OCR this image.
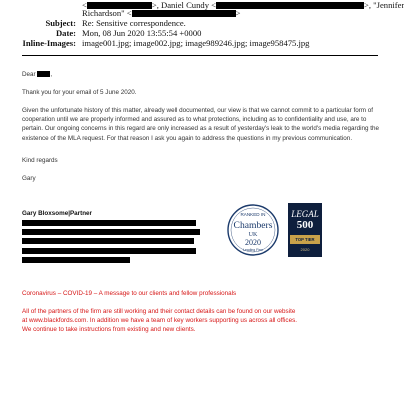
<	>, Daniel Cundy <	>, "Jennifer
Richardson" <	>
Subject: Re: Sensitive correspondence.
Date: Mon, 08 Jun 2020 13:55:54 +0000
Inline-Images: image001.jpg; image002.jpg; image989246.jpg; image958475.jpg
Dear ,
Thank you for your email of 5 June 2020.
Given the unfortunate history of this matter, already well documented, our view is that we cannot commit to a particular form of cooperation until we are properly informed and assured as to what protections, including as to confidentiality and use, are to pertain. Our ongoing concerns in this regard are only increased as a result of yesterday's leak to the world's media regarding the existence of the MLA request. For that reason I ask you again to address the questions in my previous communication.
Kind regards
Gary
Gary Bloxsome|Partner	RANKED IN
Chambers
UK
2020
Leading Firm
LEGAL
500
TOP TIER
2020
Coronavirus – COVID-19 – A message to our clients and fellow professionals
All of the partners of the firm are still working and their contact details can be found on our website
at www.blackfords.com. In addition we have a team of key workers supporting us across all offices.
We continue to take instructions from existing and new clients.
